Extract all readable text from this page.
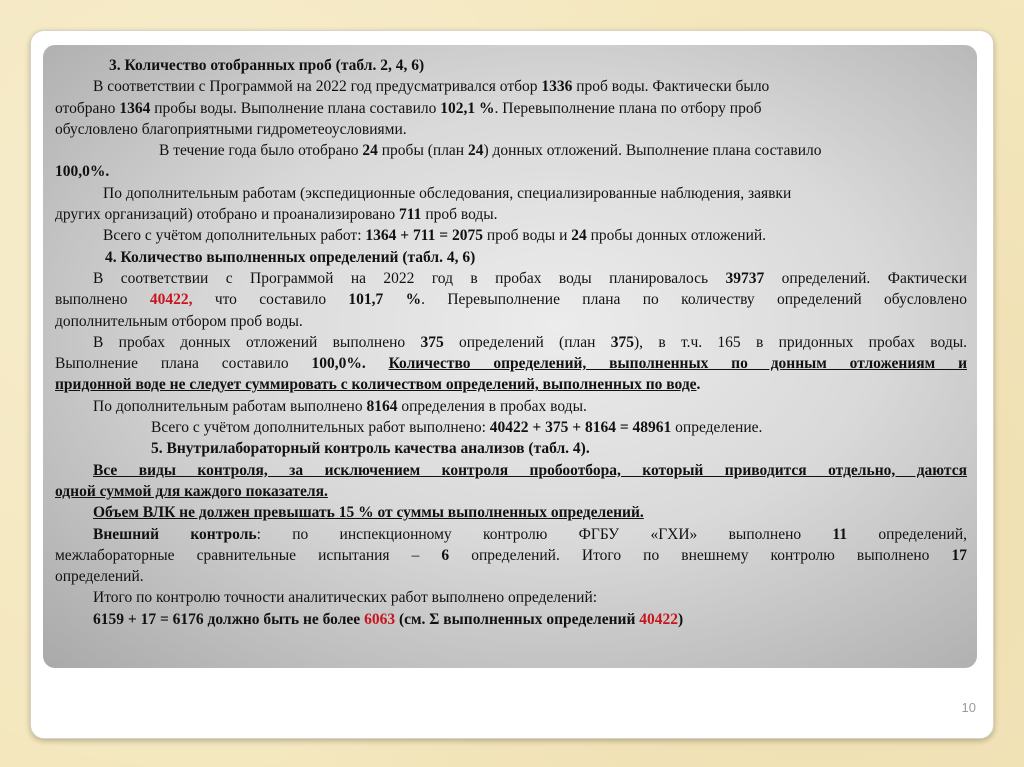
3. Количество отобранных проб (табл. 2, 4, 6)

В соответствии с Программой на 2022 год предусматривался отбор 1336 проб воды. Фактически было

отобрано 1364 пробы воды. Выполнение плана составило 102,1 %. Перевыполнение плана по отбору проб

обусловлено благоприятными гидрометеоусловиями.

В течение года было отобрано 24 пробы (план 24) донных отложений. Выполнение плана составило

100,0%.

По дополнительным работам (экспедиционные обследования, специализированные наблюдения, заявки

других организаций) отобрано и проанализировано 711 проб воды.

Всего с учётом дополнительных работ: 1364 + 711 = 2075 проб воды и 24 пробы донных отложений.

4. Количество выполненных определений (табл. 4, 6)

В соответствии с Программой на 2022 год в пробах воды планировалось 39737 определений. Фактически

выполнено 40422, что составило 101,7 %. Перевыполнение плана по количеству определений обусловлено

дополнительным отбором проб воды.

В пробах донных отложений выполнено 375 определений (план 375), в т.ч. 165 в придонных пробах воды.

Выполнение плана составило 100,0%. Количество определений, выполненных по донным отложениям и

придонной воде не следует суммировать с количеством определений, выполненных по воде.

По дополнительным работам выполнено 8164 определения в пробах воды.

Всего с учётом дополнительных работ выполнено: 40422 + 375 + 8164 = 48961 определение.

5. Внутрилабораторный контроль качества анализов (табл. 4).

Все виды контроля, за исключением контроля пробоотбора, который приводится отдельно, даются

одной суммой для каждого показателя.

Объем ВЛК не должен превышать 15 % от суммы выполненных определений.

Внешний контроль: по инспекционному контролю ФГБУ «ГХИ» выполнено 11 определений,

межлабораторные сравнительные испытания – 6 определений. Итого по внешнему контролю выполнено 17

определений.

Итого по контролю точности аналитических работ выполнено определений:

6159 + 17 = 6176 должно быть не более 6063 (см. Σ выполненных определений 40422)

10
